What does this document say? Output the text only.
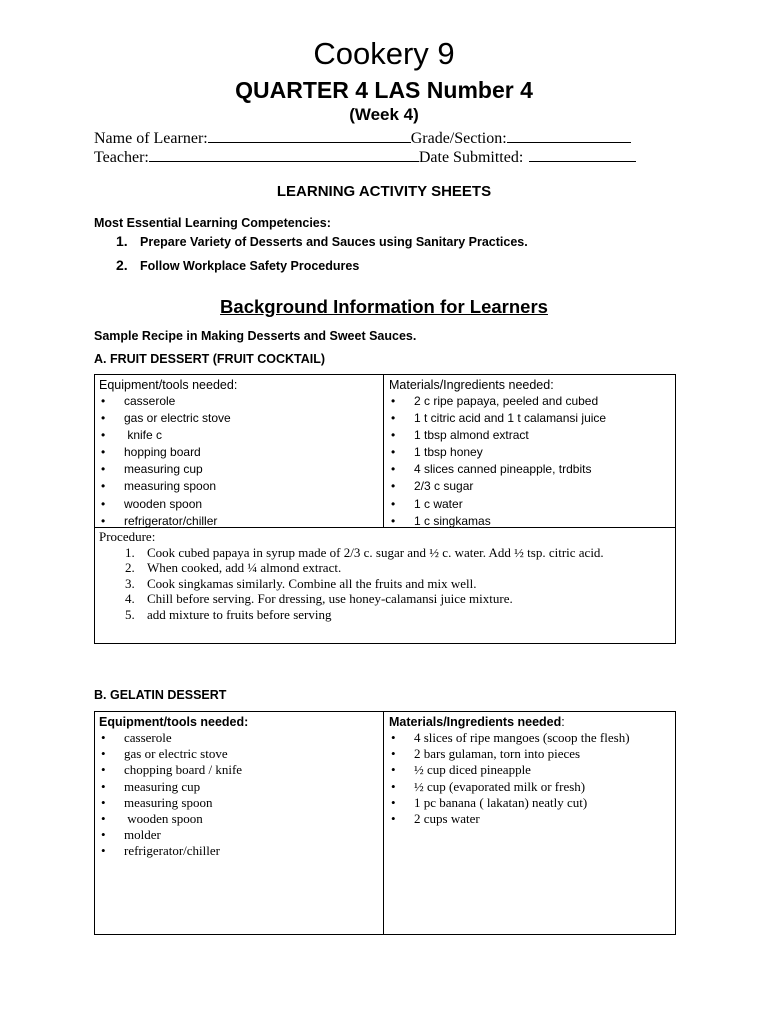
Cookery 9
QUARTER 4 LAS Number 4
(Week 4)
Name of Learner:	Grade/Section:
Teacher:	Date Submitted:
LEARNING ACTIVITY SHEETS
Most Essential Learning Competencies:
1. Prepare Variety of Desserts and Sauces using Sanitary Practices.
2. Follow Workplace Safety Procedures
Background Information for Learners
Sample Recipe in Making Desserts and Sweet Sauces.
A. FRUIT DESSERT (FRUIT COCKTAIL)
Equipment/tools needed:
• casserole
• gas or electric stove
•  knife c
• hopping board
• measuring cup
• measuring spoon
• wooden spoon
• refrigerator/chiller
Materials/Ingredients needed:
• 2 c ripe papaya, peeled and cubed
• 1 t citric acid and 1 t calamansi juice
• 1 tbsp almond extract
• 1 tbsp honey
• 4 slices canned pineapple, trdbits
• 2/3 c sugar
• 1 c water
• 1 c singkamas
Procedure:
1. Cook cubed papaya in syrup made of 2/3 c. sugar and ½ c. water. Add ½ tsp. citric acid.
2. When cooked, add ¼ almond extract.
3. Cook singkamas similarly. Combine all the fruits and mix well.
4. Chill before serving. For dressing, use honey-calamansi juice mixture.
5. add mixture to fruits before serving
B. GELATIN DESSERT
Equipment/tools needed:
• casserole
• gas or electric stove
• chopping board / knife
• measuring cup
• measuring spoon
•  wooden spoon
• molder
• refrigerator/chiller
Materials/Ingredients needed:
• 4 slices of ripe mangoes (scoop the flesh)
• 2 bars gulaman, torn into pieces
• ½ cup diced pineapple
• ½ cup (evaporated milk or fresh)
• 1 pc banana ( lakatan) neatly cut)
• 2 cups water
